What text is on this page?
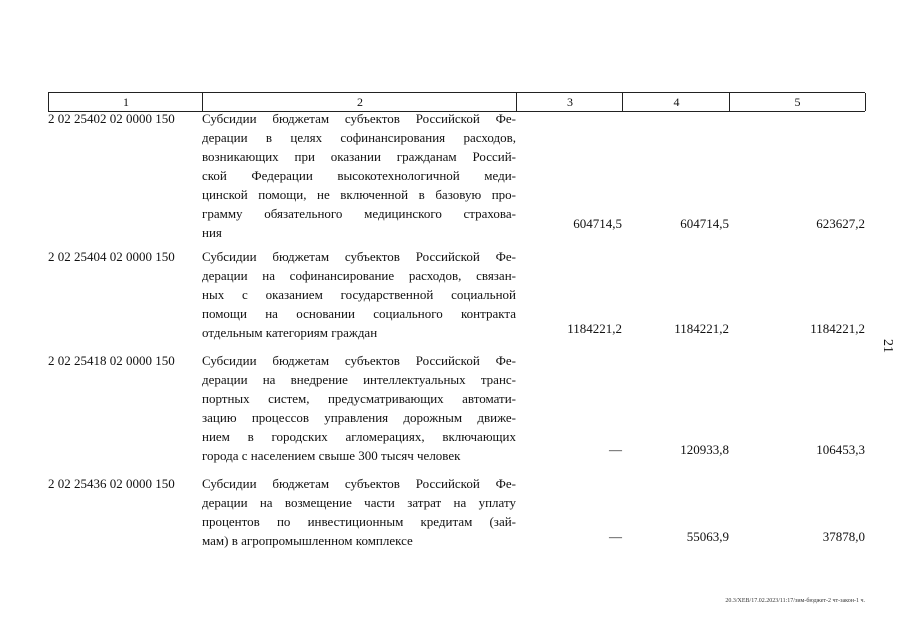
1	2	3	4	5
2 02 25402 02 0000 150	Субсидии бюджетам субъектов Российской Фе-
дерации в целях софинансирования расходов,
возникающих при оказании гражданам Россий-
ской Федерации высокотехнологичной меди-
цинской помощи, не включенной в базовую про-
грамму обязательного медицинского страхова-
ния
604714,5	604714,5	623627,2
2 02 25404 02 0000 150	Субсидии бюджетам субъектов Российской Фе-
дерации на софинансирование расходов, связан-
ных с оказанием государственной социальной
помощи на основании социального контракта
отдельным категориям граждан	1184221,2	1184221,2	1184221,2
2 02 25418 02 0000 150	Субсидии бюджетам субъектов Российской Фе-
дерации на внедрение интеллектуальных транс-
портных систем, предусматривающих автомати-
зацию процессов управления дорожным движе-
нием в городских агломерациях, включающих
города с населением свыше 300 тысяч человек	—	120933,8	106453,3
2 02 25436 02 0000 150	Субсидии бюджетам субъектов Российской Фе-
дерации на возмещение части затрат на уплату
процентов по инвестиционным кредитам (зай-
мам) в агропромышленном комплексе	—	55063,9	37878,0
21
20.3/XEB/17.02.2023/11:17/зим-бюджет-2 чт-закон-1 ч.
